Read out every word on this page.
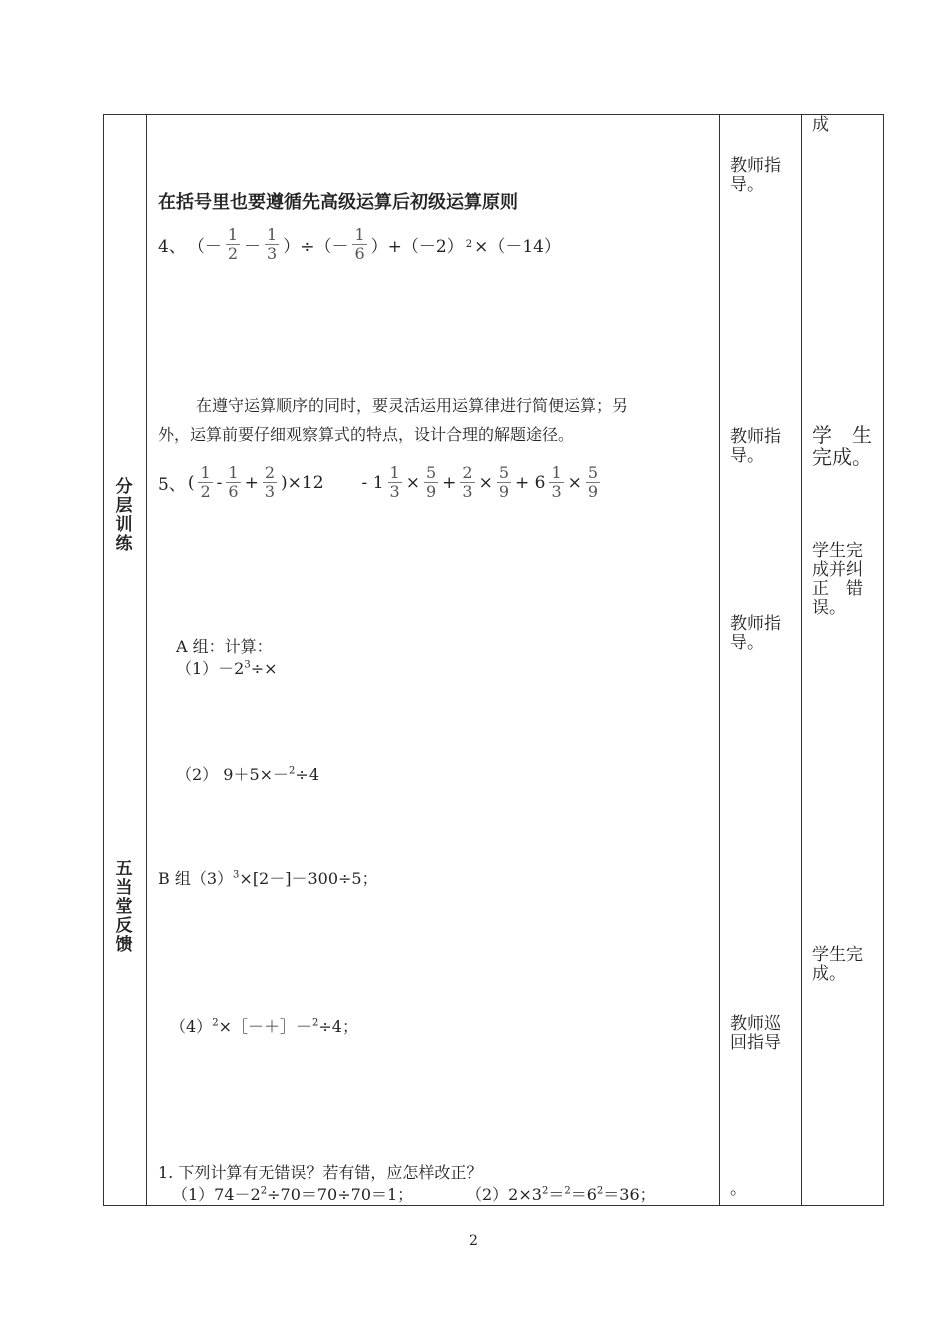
分
层
训
练
五
当
堂
反
馈
在括号里也要遵循先高级运算后初级运算原则
4、 （－ $\frac{1}{2} - \frac{1}{3}$ ）÷（－ $\frac{1}{6} )+(-2)$ 2 ×（－14）
在遵守运算顺序的同时，要灵活运用运算律进行简便运算；另
外，运算前要仔细观察算式的特点，设计合理的解题途径。
5、 ( $\frac{1}{2} - \frac{1}{6} + \frac{2}{3} )\times 12 - 1 \frac{1}{3} \times \frac{5}{9} + \frac{2}{3} \times \frac{5}{9} + 6 \frac{1}{3} \times \frac{5}{9}$
A 组：计算：
$(1)-2^3\div\times$
（2） 9＋5×－$^2$÷4
B 组$(3)^3\times[2-]-300\div 5$；
$(4)^2\times[-+]-^2\div 4$；
1. 下列计算有无错误？若有错，应怎样改正？
$(1)74-2^2\div 70=70\div 70=1$；	$(2)2\times 3^2=^2=6^2=36$；
教师指导。
教师指导。
教师指导。
教师巡回指导
。
成
学　生完成。
学生完成并纠正　错误。
学生完成。
2
